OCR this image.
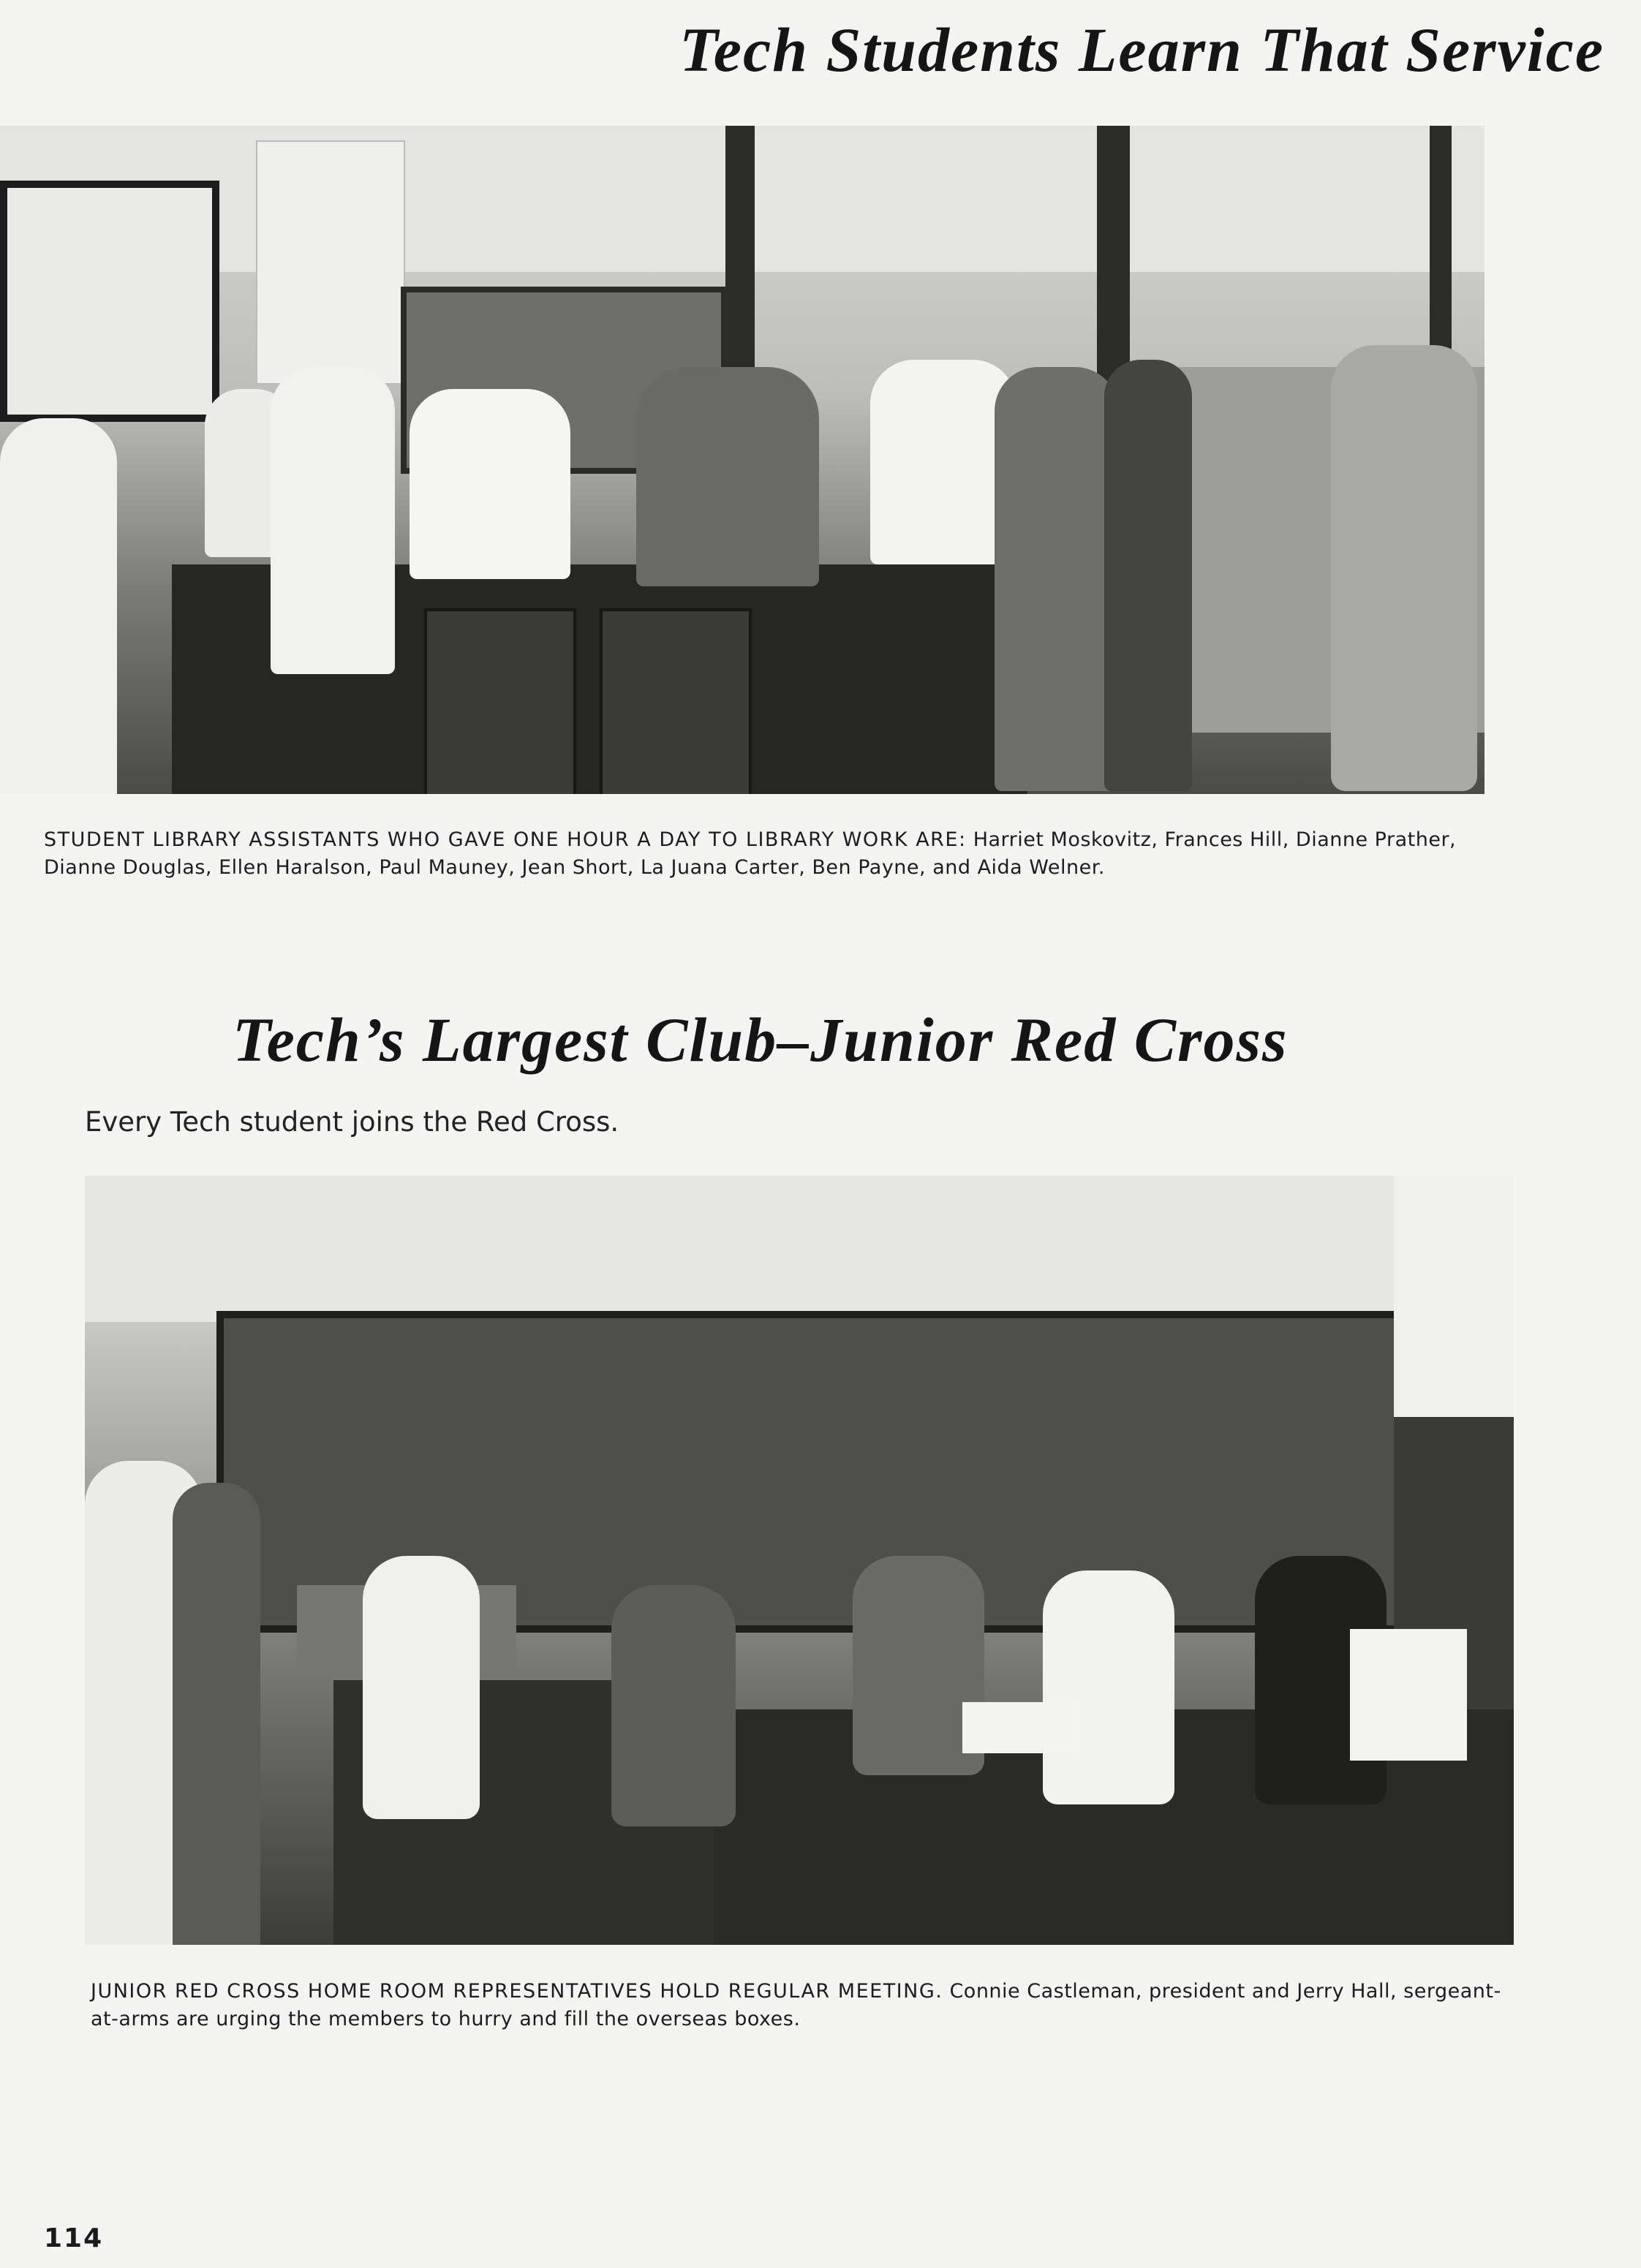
Tech Students Learn That Service
STUDENT LIBRARY ASSISTANTS WHO GAVE ONE HOUR A DAY TO LIBRARY WORK ARE: Harriet Moskovitz, Frances Hill, Dianne Prather, Dianne Douglas, Ellen Haralson, Paul Mauney, Jean Short, La Juana Carter, Ben Payne, and Aida Welner.
Tech’s Largest Club–Junior Red Cross
Every Tech student joins the Red Cross.
JUNIOR RED CROSS HOME ROOM REPRESENTATIVES HOLD REGULAR MEETING. Connie Castleman, president and Jerry Hall, sergeant-at-arms are urging the members to hurry and fill the overseas boxes.
114
